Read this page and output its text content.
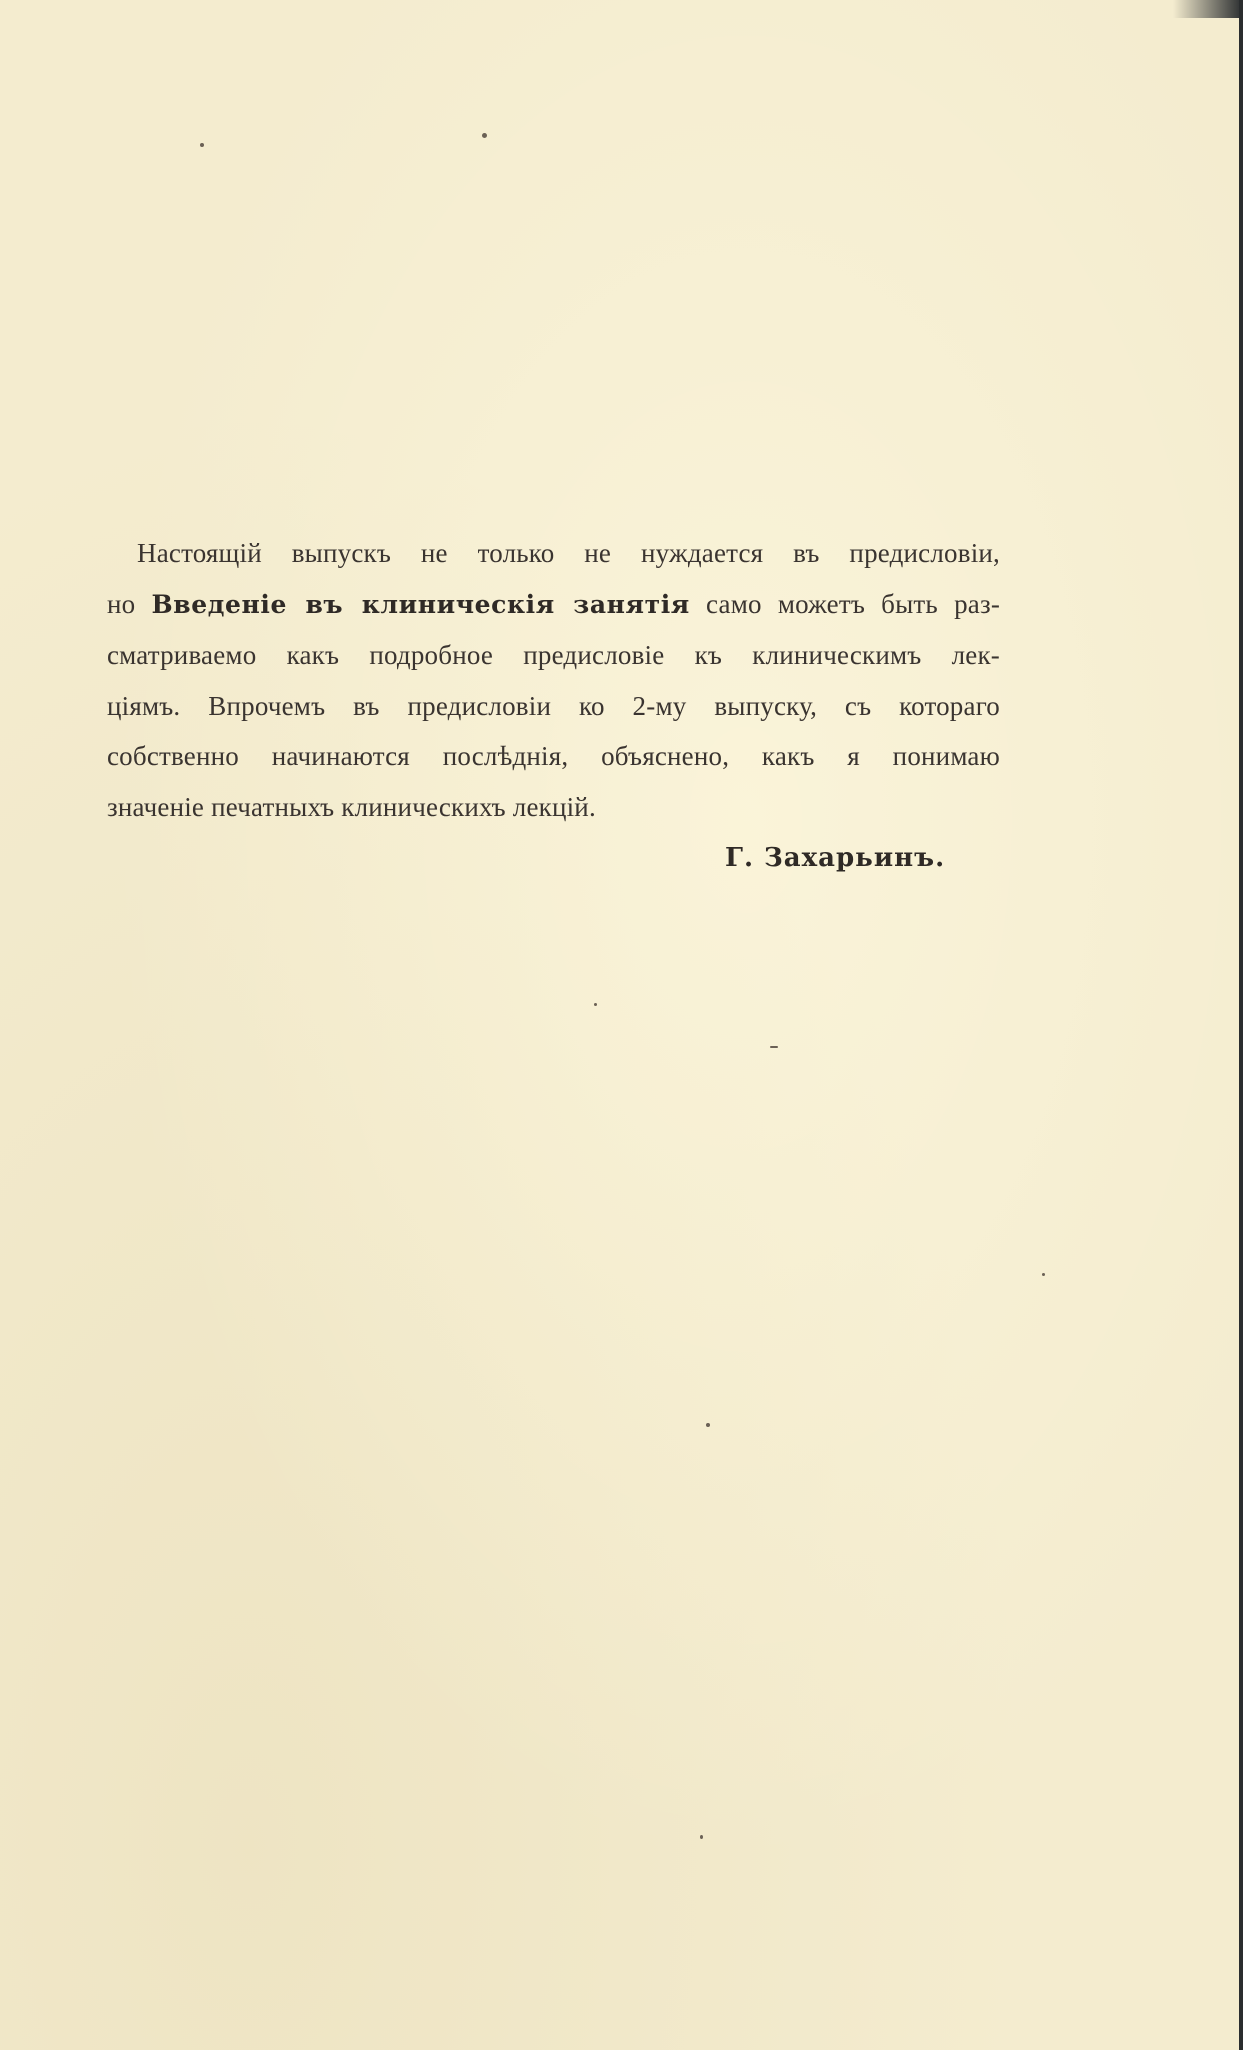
Настоящій выпускъ не только не нуждается въ предисловіи,
но Введеніе въ клиническія занятія само можетъ быть раз-
сматриваемо какъ подробное предисловіе къ клиническимъ лек-
ціямъ. Впрочемъ въ предисловіи ко 2-му выпуску, съ котораго
собственно начинаются послѣднія, объяснено, какъ я понимаю
значеніе печатныхъ клиническихъ лекцій.
Г. Захарьинъ.
